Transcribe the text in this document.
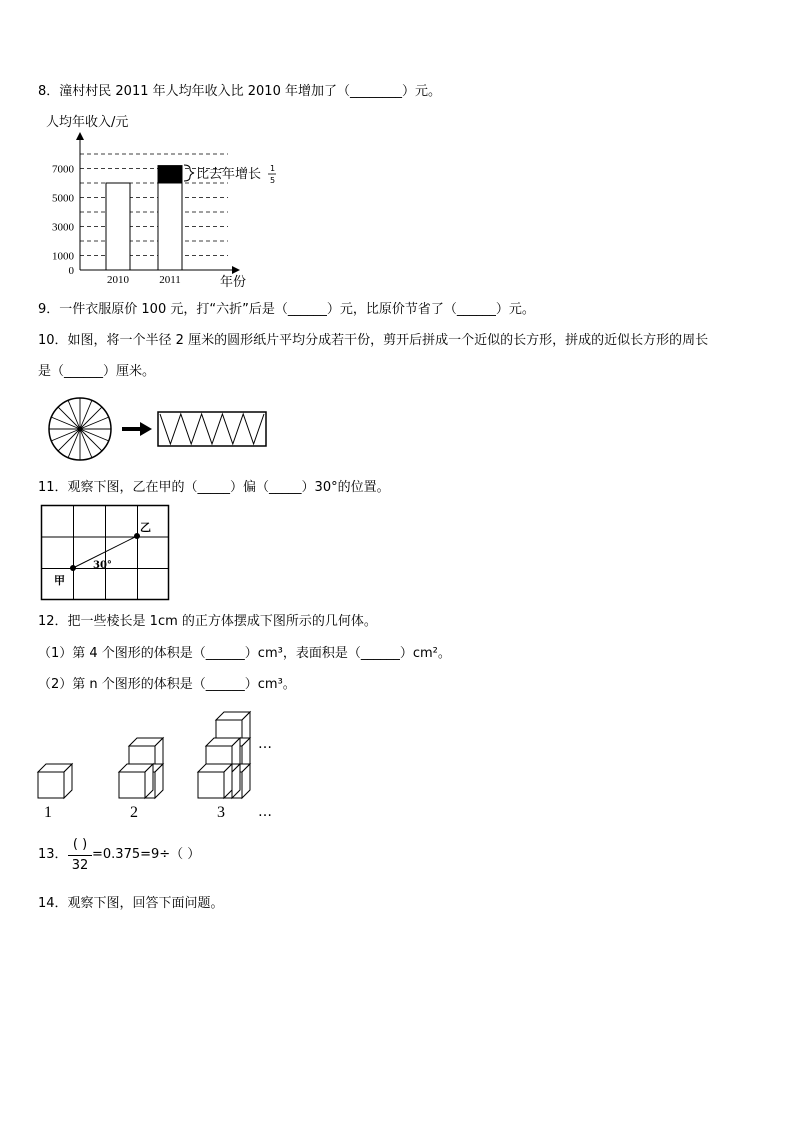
8．潼村村民 2011 年人均年收入比 2010 年增加了（________）元。
人均年收入/元
0
1000
3000
5000
7000
2010	2011	年份
比去年增长 1
5
9．一件衣服原价 100 元，打“六折”后是（______）元，比原价节省了（______）元。
10．如图，将一个半径 2 厘米的圆形纸片平均分成若干份，剪开后拼成一个近似的长方形，拼成的近似长方形的周长
是（______）厘米。
11．观察下图，乙在甲的（_____）偏（_____）30°的位置。
甲
乙
30°
12．把一些棱长是 1cm 的正方体摆成下图所示的几何体。
（1）第 4 个图形的体积是（______）cm³，表面积是（______）cm²。
（2）第 n 个图形的体积是（______）cm³。
1	2	3
…
…
13．
( )
32
=0.375=9÷（ ）
14．观察下图，回答下面问题。
